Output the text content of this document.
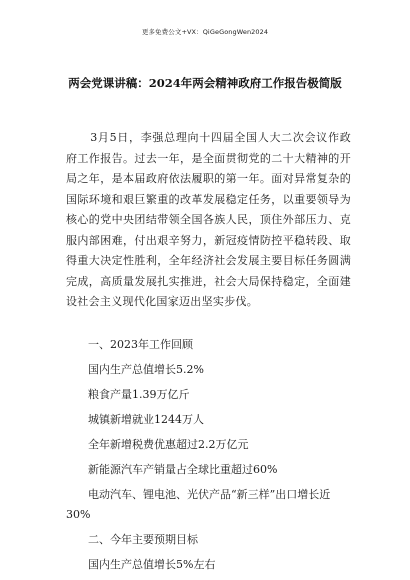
更多免费公文+VX：QiGeGongWen2024
两会党课讲稿：2024年两会精神政府工作报告极简版
3月5日，李强总理向十四届全国人大二次会议作政府工作报告。过去一年，是全面贯彻党的二十大精神的开局之年，是本届政府依法履职的第一年。面对异常复杂的国际环境和艰巨繁重的改革发展稳定任务，以重要领导为核心的党中央团结带领全国各族人民，顶住外部压力、克服内部困难，付出艰辛努力，新冠疫情防控平稳转段、取得重大决定性胜利，全年经济社会发展主要目标任务圆满完成，高质量发展扎实推进，社会大局保持稳定，全面建设社会主义现代化国家迈出坚实步伐。
一、2023年工作回顾
国内生产总值增长5.2%
粮食产量1.39万亿斤
城镇新增就业1244万人
全年新增税费优惠超过2.2万亿元
新能源汽车产销量占全球比重超过60%
电动汽车、锂电池、光伏产品“新三样”出口增长近
30%
二、今年主要预期目标
国内生产总值增长5%左右
